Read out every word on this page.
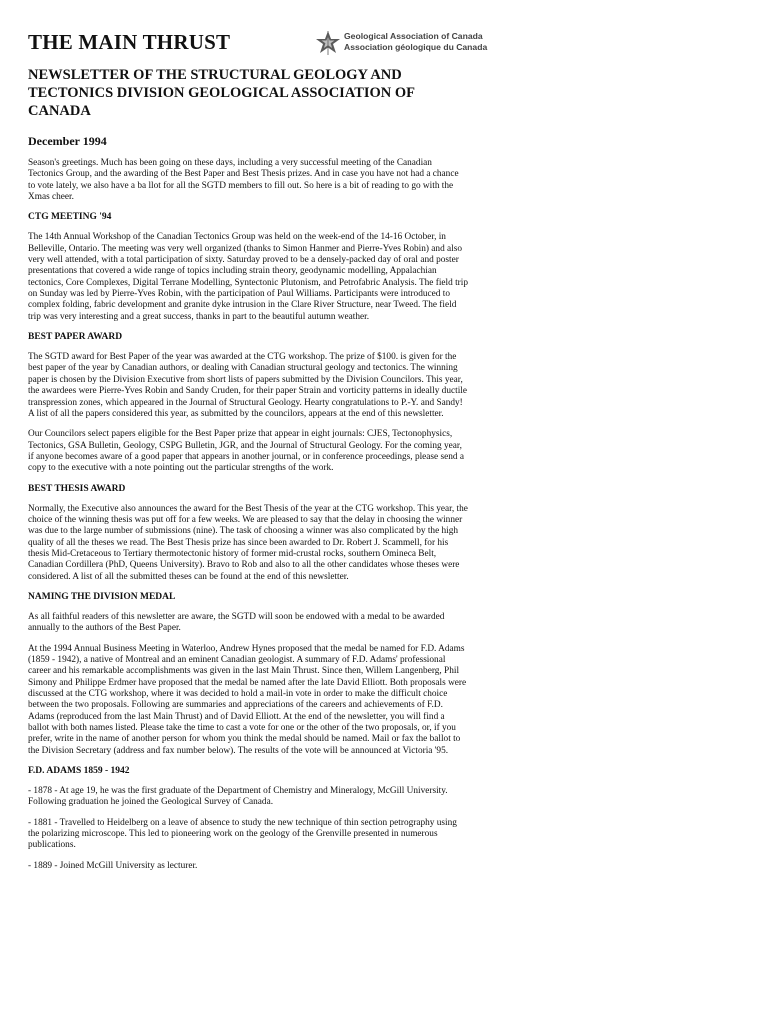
THE MAIN THRUST	Geological Association of Canada
Association géologique du Canada
NEWSLETTER OF THE STRUCTURAL GEOLOGY AND TECTONICS DIVISION GEOLOGICAL ASSOCIATION OF CANADA
December 1994

Season's greetings. Much has been going on these days, including a very successful meeting of the Canadian Tectonics Group, and the awarding of the Best Paper and Best Thesis prizes. And in case you have not had a chance to vote lately, we also have a ba llot for all the SGTD members to fill out. So here is a bit of reading to go with the Xmas cheer.

CTG MEETING '94

The 14th Annual Workshop of the Canadian Tectonics Group was held on the week-end of the 14-16 October, in Belleville, Ontario. The meeting was very well organized (thanks to Simon Hanmer and Pierre-Yves Robin) and also very well attended, with a total participation of sixty. Saturday proved to be a densely-packed day of oral and poster presentations that covered a wide range of topics including strain theory, geodynamic modelling, Appalachian tectonics, Core Complexes, Digital Terrane Modelling, Syntectonic Plutonism, and Petrofabric Analysis. The field trip on Sunday was led by Pierre-Yves Robin, with the participation of Paul Williams. Participants were introduced to complex folding, fabric development and granite dyke intrusion in the Clare River Structure, near Tweed. The field trip was very interesting and a great success, thanks in part to the beautiful autumn weather.

BEST PAPER AWARD

The SGTD award for Best Paper of the year was awarded at the CTG workshop. The prize of $100. is given for the best paper of the year by Canadian authors, or dealing with Canadian structural geology and tectonics. The winning paper is chosen by the Division Executive from short lists of papers submitted by the Division Councilors. This year, the awardees were Pierre-Yves Robin and Sandy Cruden, for their paper Strain and vorticity patterns in ideally ductile transpression zones, which appeared in the Journal of Structural Geology. Hearty congratulations to P.-Y. and Sandy! A list of all the papers considered this year, as submitted by the councilors, appears at the end of this newsletter.

Our Councilors select papers eligible for the Best Paper prize that appear in eight journals: CJES, Tectonophysics, Tectonics, GSA Bulletin, Geology, CSPG Bulletin, JGR, and the Journal of Structural Geology. For the coming year, if anyone becomes aware of a good paper that appears in another journal, or in conference proceedings, please send a copy to the executive with a note pointing out the particular strengths of the work.

BEST THESIS AWARD

Normally, the Executive also announces the award for the Best Thesis of the year at the CTG workshop. This year, the choice of the winning thesis was put off for a few weeks. We are pleased to say that the delay in choosing the winner was due to the large number of submissions (nine). The task of choosing a winner was also complicated by the high quality of all the theses we read. The Best Thesis prize has since been awarded to Dr. Robert J. Scammell, for his thesis Mid-Cretaceous to Tertiary thermotectonic history of former mid-crustal rocks, southern Omineca Belt, Canadian Cordillera (PhD, Queens University). Bravo to Rob and also to all the other candidates whose theses were considered. A list of all the submitted theses can be found at the end of this newsletter.

NAMING THE DIVISION MEDAL

As all faithful readers of this newsletter are aware, the SGTD will soon be endowed with a medal to be awarded annually to the authors of the Best Paper.

At the 1994 Annual Business Meeting in Waterloo, Andrew Hynes proposed that the medal be named for F.D. Adams (1859 - 1942), a native of Montreal and an eminent Canadian geologist. A summary of F.D. Adams' professional career and his remarkable accomplishments was given in the last Main Thrust. Since then, Willem Langenberg, Phil Simony and Philippe Erdmer have proposed that the medal be named after the late David Elliott. Both proposals were discussed at the CTG workshop, where it was decided to hold a mail-in vote in order to make the difficult choice between the two proposals. Following are summaries and appreciations of the careers and achievements of F.D. Adams (reproduced from the last Main Thrust) and of David Elliott. At the end of the newsletter, you will find a ballot with both names listed. Please take the time to cast a vote for one or the other of the two proposals, or, if you prefer, write in the name of another person for whom you think the medal should be named. Mail or fax the ballot to the Division Secretary (address and fax number below). The results of the vote will be announced at Victoria '95.

F.D. ADAMS 1859 - 1942

- 1878 - At age 19, he was the first graduate of the Department of Chemistry and Mineralogy, McGill University. Following graduation he joined the Geological Survey of Canada.

- 1881 - Travelled to Heidelberg on a leave of absence to study the new technique of thin section petrography using the polarizing microscope. This led to pioneering work on the geology of the Grenville presented in numerous publications.

- 1889 - Joined McGill University as lecturer.
